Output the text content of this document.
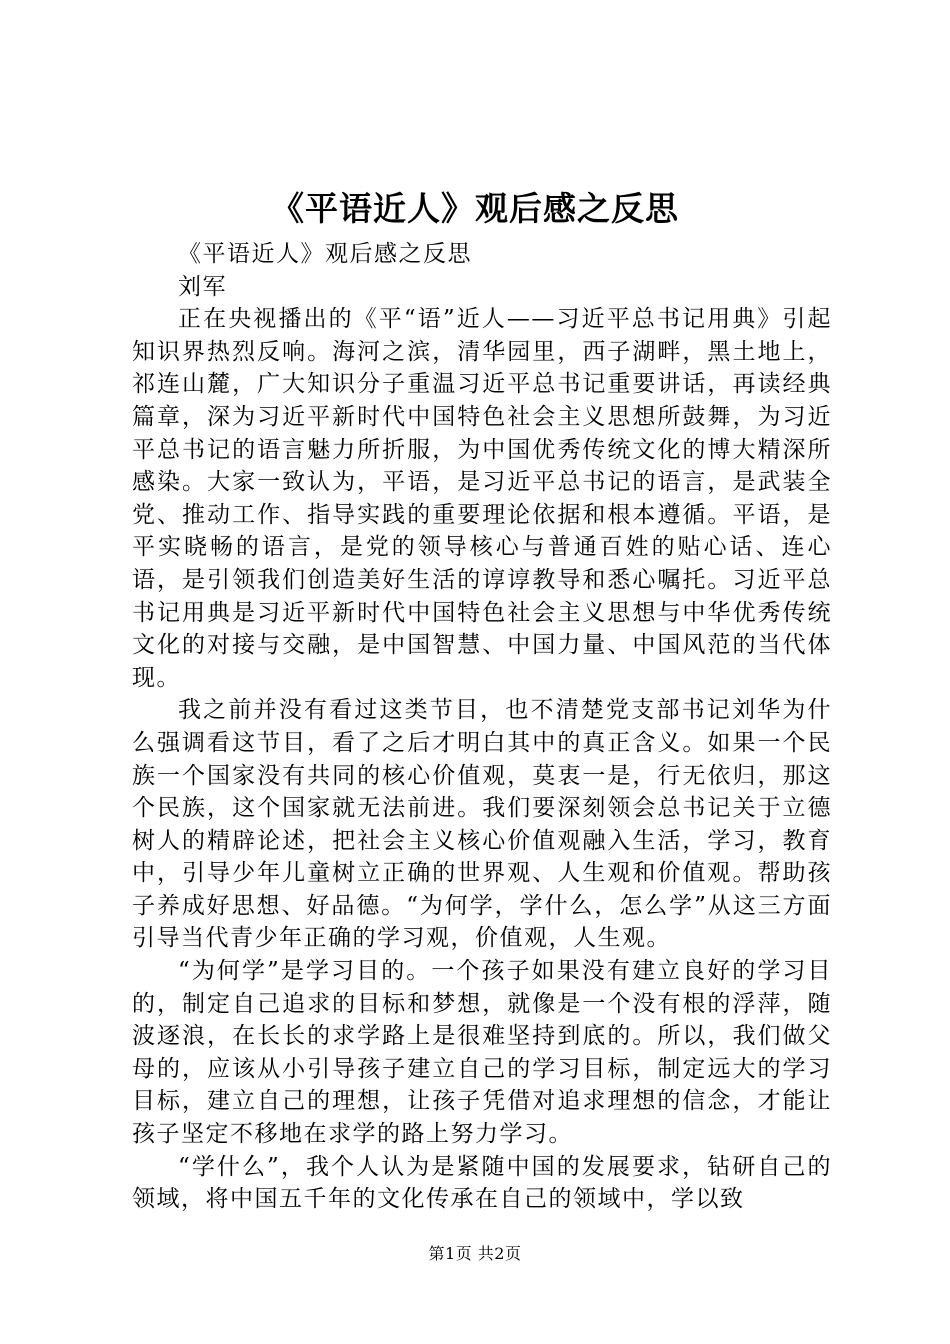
《平语近人》观后感之反思

《平语近人》观后感之反思

刘军

正在央视播出的《平“语”近人——习近平总书记用典》引起知识界热烈反响。海河之滨，清华园里，西子湖畔，黑土地上，祁连山麓，广大知识分子重温习近平总书记重要讲话，再读经典篇章，深为习近平新时代中国特色社会主义思想所鼓舞，为习近平总书记的语言魅力所折服，为中国优秀传统文化的博大精深所感染。大家一致认为，平语，是习近平总书记的语言，是武装全党、推动工作、指导实践的重要理论依据和根本遵循。平语，是平实晓畅的语言，是党的领导核心与普通百姓的贴心话、连心语，是引领我们创造美好生活的谆谆教导和悉心嘱托。习近平总书记用典是习近平新时代中国特色社会主义思想与中华优秀传统文化的对接与交融，是中国智慧、中国力量、中国风范的当代体现。

我之前并没有看过这类节目，也不清楚党支部书记刘华为什么强调看这节目，看了之后才明白其中的真正含义。如果一个民族一个国家没有共同的核心价值观，莫衷一是，行无依归，那这个民族，这个国家就无法前进。我们要深刻领会总书记关于立德树人的精辟论述，把社会主义核心价值观融入生活，学习，教育中，引导少年儿童树立正确的世界观、人生观和价值观。帮助孩子养成好思想、好品德。“为何学，学什么，怎么学”从这三方面引导当代青少年正确的学习观，价值观，人生观。

“为何学”是学习目的。一个孩子如果没有建立良好的学习目的，制定自己追求的目标和梦想，就像是一个没有根的浮萍，随波逐浪，在长长的求学路上是很难坚持到底的。所以，我们做父母的，应该从小引导孩子建立自己的学习目标，制定远大的学习目标，建立自己的理想，让孩子凭借对追求理想的信念，才能让孩子坚定不移地在求学的路上努力学习。

“学什么”，我个人认为是紧随中国的发展要求，钻研自己的领域，将中国五千年的文化传承在自己的领域中，学以致

第1页 共2页
